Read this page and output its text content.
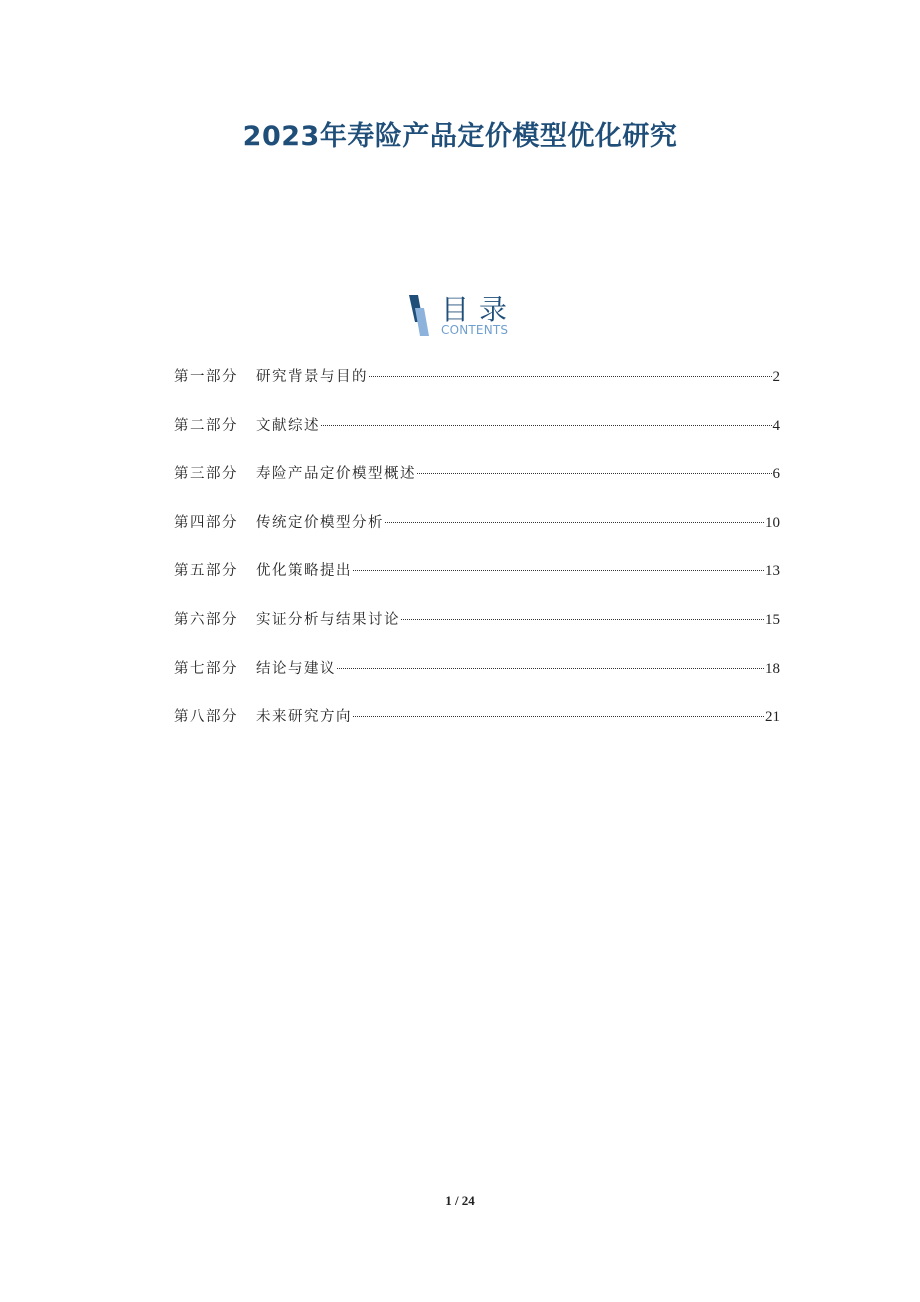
2023年寿险产品定价模型优化研究
目录
CONTENTS
第一部分 研究背景与目的	2
第二部分 文献综述	4
第三部分 寿险产品定价模型概述	6
第四部分 传统定价模型分析	10
第五部分 优化策略提出	13
第六部分 实证分析与结果讨论	15
第七部分 结论与建议	18
第八部分 未来研究方向	21
1 / 24
